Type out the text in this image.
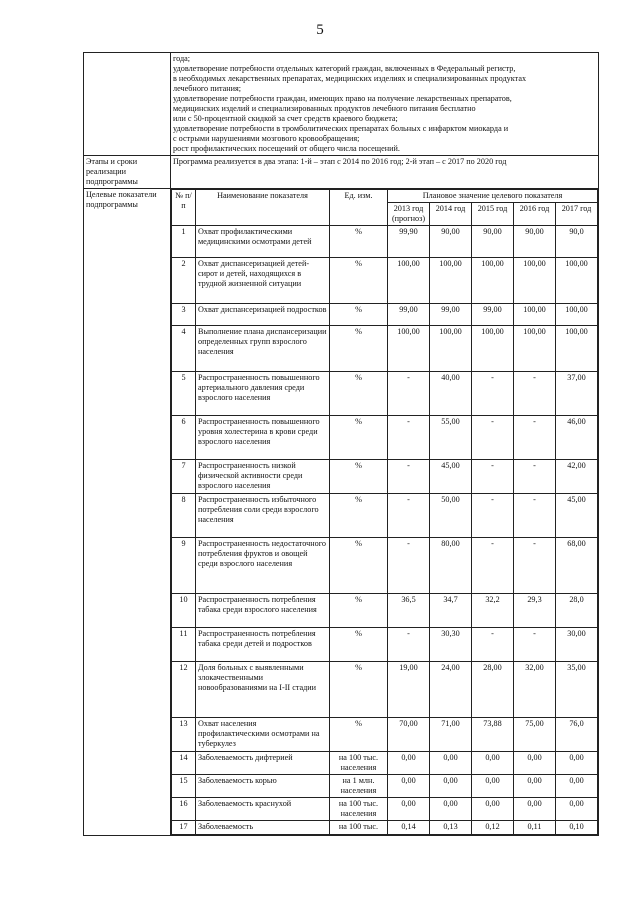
5

года;
удовлетворение потребности отдельных категорий граждан, включенных в Федеральный регистр,
в необходимых лекарственных препаратах, медицинских изделиях и специализированных продуктах
лечебного питания;
удовлетворение потребности граждан, имеющих право на получение лекарственных препаратов,
медицинских изделий и специализированных продуктов лечебного питания бесплатно
или с 50-процентной скидкой за счет средств краевого бюджета;
удовлетворение потребности в тромболитических препаратах больных с инфарктом миокарда и
с острыми нарушениями мозгового кровообращения;
рост профилактических посещений от общего числа посещений.

Этапы и сроки реализации подпрограммы	Программа реализуется в два этапа: 1-й – этап с 2014 по 2016 год; 2-й этап – с 2017 по 2020 год
Целевые показатели подпрограммы	
№ п/п	Наименование показателя	Ед. изм.	Плановое значение целевого показателя
2013 год (прогноз)	2014 год	2015 год	2016 год	2017 год
1	Охват профилактическими медицинскими осмотрами детей	%	99,90	90,00	90,00	90,00	90,0
2	Охват диспансеризацией детей-сирот и детей, находящихся в трудной жизненной ситуации	%	100,00	100,00	100,00	100,00	100,00
3	Охват диспансеризацией подростков	%	99,00	99,00	99,00	100,00	100,00
4	Выполнение плана диспансеризации определенных групп взрослого населения	%	100,00	100,00	100,00	100,00	100,00
5	Распространенность повышенного артериального давления среди взрослого населения	%	-	40,00	-	-	37,00
6	Распространенность повышенного уровня холестерина в крови среди взрослого населения	%	-	55,00	-	-	46,00
7	Распространенность низкой физической активности среди взрослого населения	%	-	45,00	-	-	42,00
8	Распространенность избыточного потребления соли среди взрослого населения	%	-	50,00	-	-	45,00
9	Распространенность недостаточного потребления фруктов и овощей среди взрослого населения	%	-	80,00	-	-	68,00
10	Распространенность потребления табака среди взрослого населения	%	36,5	34,7	32,2	29,3	28,0
11	Распространенность потребления табака среди детей и подростков	%	-	30,30	-	-	30,00
12	Доля больных с выявленными злокачественными новообразованиями на I-II стадии	%	19,00	24,00	28,00	32,00	35,00
13	Охват населения профилактическими осмотрами на туберкулез	%	70,00	71,00	73,88	75,00	76,0
14	Заболеваемость дифтерией	на 100 тыс. населения	0,00	0,00	0,00	0,00	0,00
15	Заболеваемость корью	на 1 млн. населения	0,00	0,00	0,00	0,00	0,00
16	Заболеваемость краснухой	на 100 тыс. населения	0,00	0,00	0,00	0,00	0,00
17	Заболеваемость	на 100 тыс.	0,14	0,13	0,12	0,11	0,10
